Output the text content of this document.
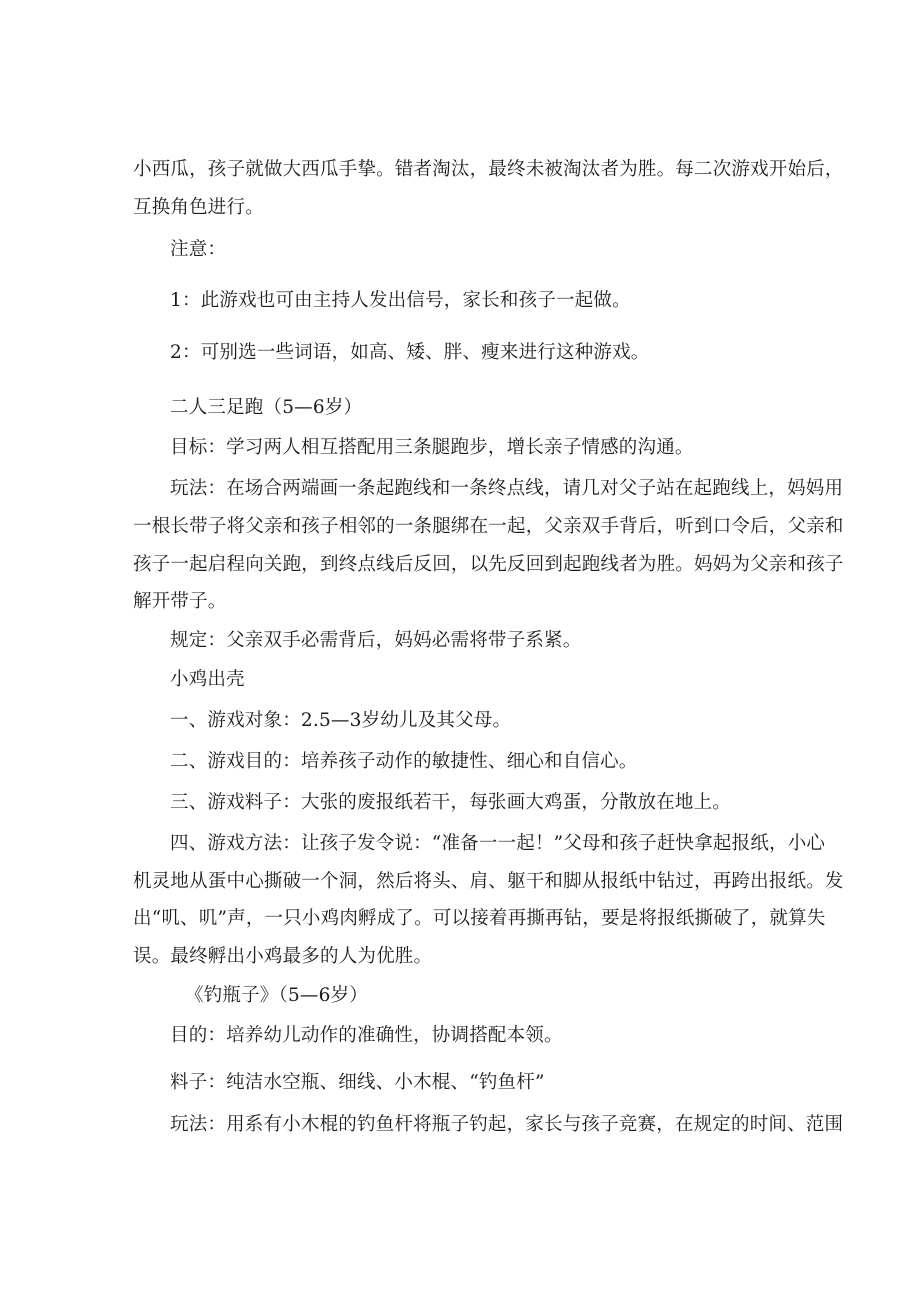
小西瓜，孩子就做大西瓜手挚。错者淘汰，最终未被淘汰者为胜。每二次游戏开始后，
互换角色进行。
注意：
1：此游戏也可由主持人发出信号，家长和孩子一起做。
2：可别选一些词语，如高、矮、胖、瘦来进行这种游戏。
二人三足跑（5—6岁）
目标：学习两人相互搭配用三条腿跑步，增长亲子情感的沟通。
玩法：在场合两端画一条起跑线和一条终点线，请几对父子站在起跑线上，妈妈用
一根长带子将父亲和孩子相邻的一条腿绑在一起，父亲双手背后，听到口令后，父亲和
孩子一起启程向关跑，到终点线后反回，以先反回到起跑线者为胜。妈妈为父亲和孩子
解开带子。
规定：父亲双手必需背后，妈妈必需将带子系紧。
小鸡出壳
一、游戏对象：2.5—3岁幼儿及其父母。
二、游戏目的：培养孩子动作的敏捷性、细心和自信心。
三、游戏料子：大张的废报纸若干，每张画大鸡蛋，分散放在地上。
四、游戏方法：让孩子发令说：“准备一一起！”父母和孩子赶快拿起报纸，小心
机灵地从蛋中心撕破一个洞，然后将头、肩、躯干和脚从报纸中钻过，再跨出报纸。发
出“叽、叽”声，一只小鸡肉孵成了。可以接着再撕再钻，要是将报纸撕破了，就算失
误。最终孵出小鸡最多的人为优胜。
《钓瓶子》（5—6岁）
目的：培养幼儿动作的准确性，协调搭配本领。
料子：纯洁水空瓶、细线、小木棍、“钓鱼杆”
玩法：用系有小木棍的钓鱼杆将瓶子钓起，家长与孩子竞赛，在规定的时间、范围
